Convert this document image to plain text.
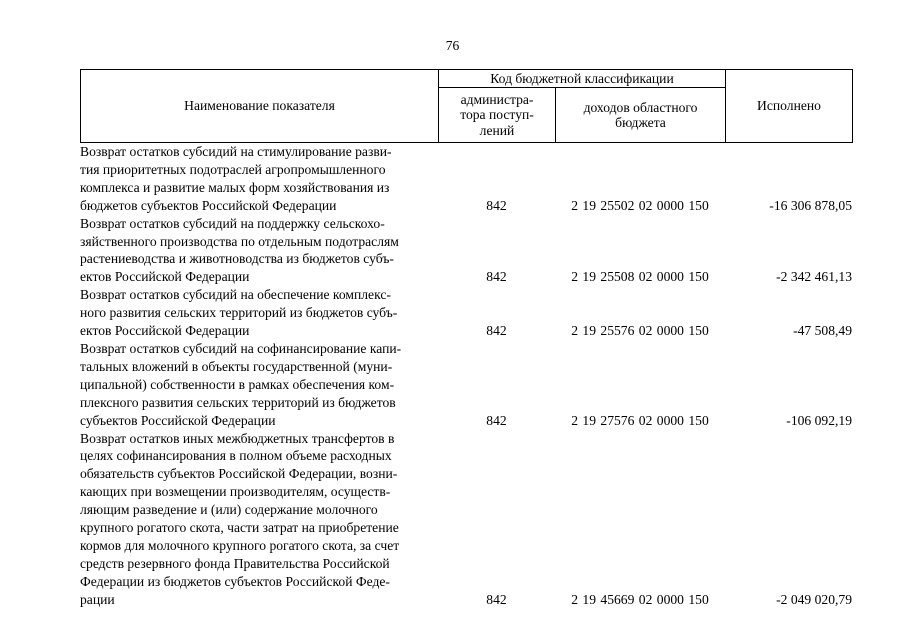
76
Наименование показателя	Код бюджетной классификации		Исполнено

	администра-
тора поступ-
лений	доходов областного
бюджета	
Возврат остатков субсидий на стимулирование разви-
тия приоритетных подотраслей агропромышленного
комплекса и развитие малых форм хозяйствования из
бюджетов субъектов Российской Федерации	842	2 19 25502 02 0000 150	-16 306 878,05
Возврат остатков субсидий на поддержку сельскохо-
зяйственного производства по отдельным подотраслям
растениеводства и животноводства из бюджетов субъ-
ектов Российской Федерации	842	2 19 25508 02 0000 150	-2 342 461,13
Возврат остатков субсидий на обеспечение комплекс-
ного развития сельских территорий из бюджетов субъ-
ектов Российской Федерации	842	2 19 25576 02 0000 150	-47 508,49
Возврат остатков субсидий на софинансирование капи-
тальных вложений в объекты государственной (муни-
ципальной) собственности в рамках обеспечения ком-
плексного развития сельских территорий из бюджетов
субъектов Российской Федерации	842	2 19 27576 02 0000 150	-106 092,19
Возврат остатков иных межбюджетных трансфертов в
целях софинансирования в полном объеме расходных
обязательств субъектов Российской Федерации, возни-
кающих при возмещении производителям, осуществ-
ляющим разведение и (или) содержание молочного
крупного рогатого скота, части затрат на приобретение
кормов для молочного крупного рогатого скота, за счет
средств резервного фонда Правительства Российской
Федерации из бюджетов субъектов Российской Феде-
рации	842	2 19 45669 02 0000 150	-2 049 020,79
